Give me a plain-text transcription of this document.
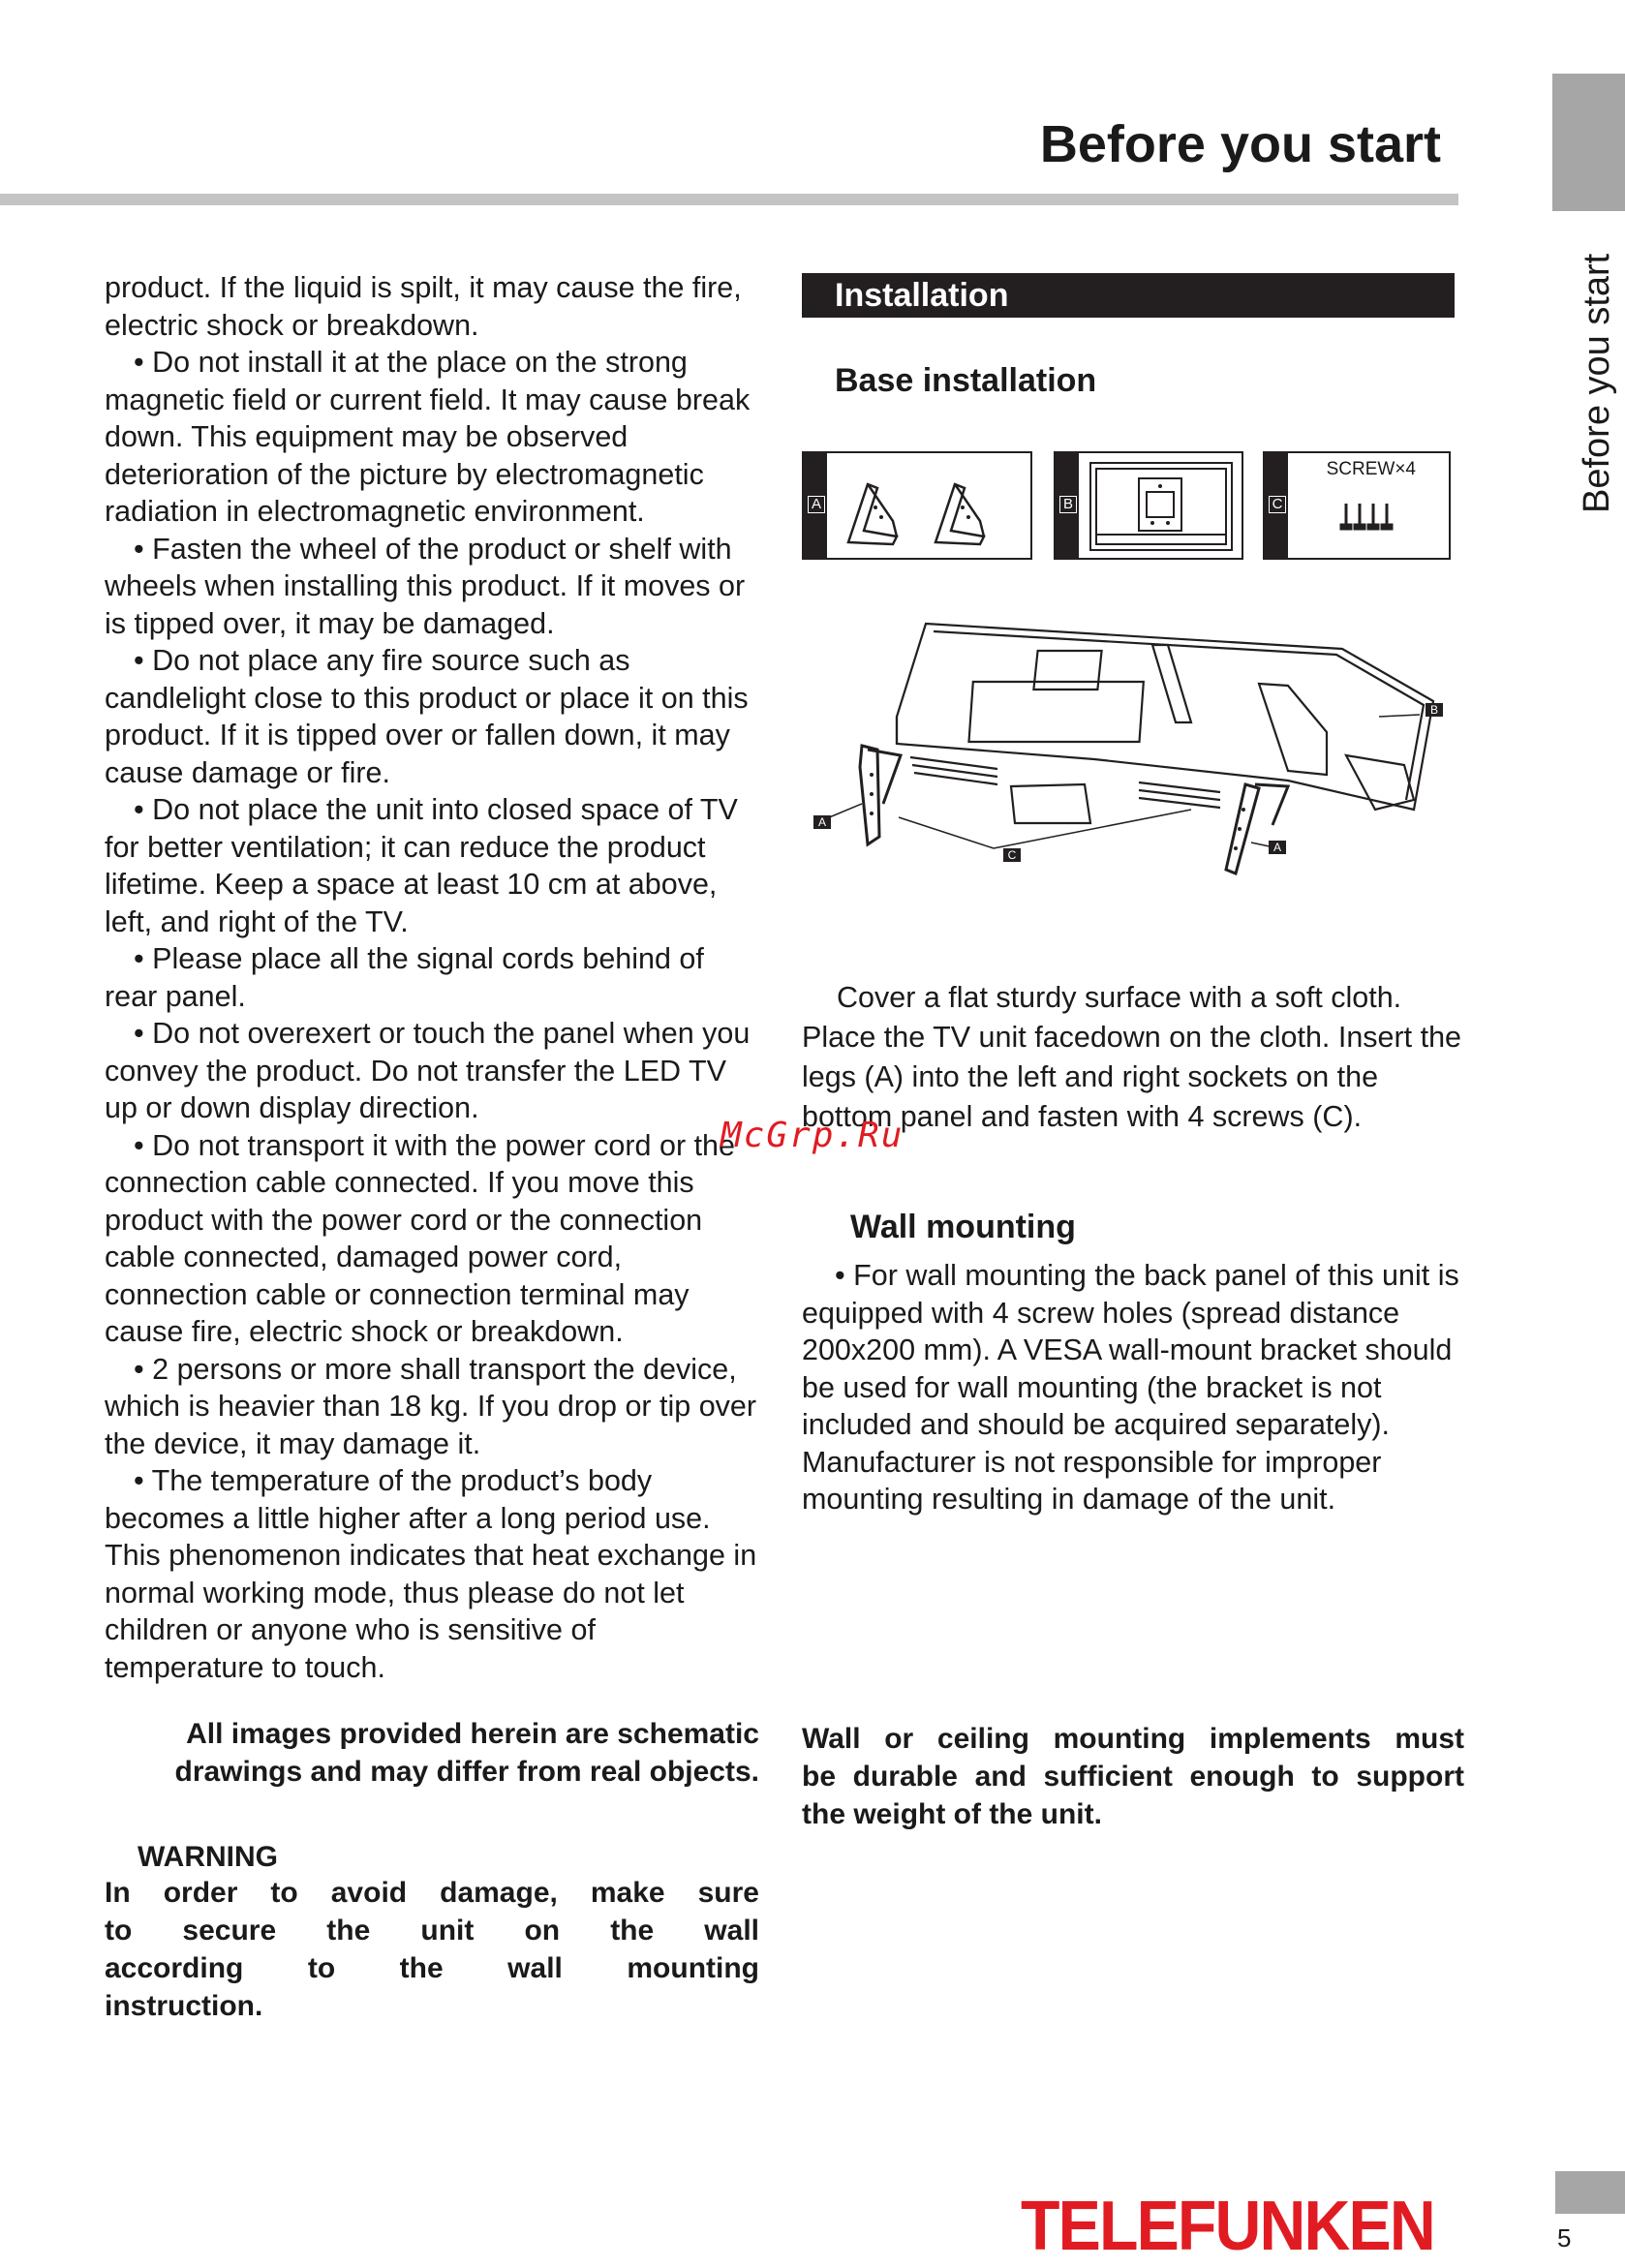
Before you start
Before you start

product. If the liquid is spilt, it may cause the fire, electric shock or breakdown.

• Do not install it at the place on the strong magnetic field or current field. It may cause break down. This equipment may be observed deterioration of the picture by electromagnetic radiation in electromagnetic environment.

• Fasten the wheel of the product or shelf with wheels when installing this product. If it moves or is tipped over, it may be damaged.

• Do not place any fire source such as candlelight close to this product or place it on this product. If it is tipped over or fallen down, it may cause damage or fire.

• Do not place the unit into closed space of TV for better ventilation; it can reduce the product lifetime. Keep a space at least 10 cm at above, left, and right of the TV.

• Please place all the signal cords behind of rear panel.

• Do not overexert or touch the panel when you convey the product. Do not transfer the LED TV up or down display direction.

• Do not transport it with the power cord or the connection cable connected. If you move this product with the power cord or the connection cable connected, damaged power cord, connection cable or connection terminal may cause fire, electric shock or breakdown.

• 2 persons or more shall transport the device, which is heavier than 18 kg. If you drop or tip over the device, it may damage it.

• The temperature of the product’s body becomes a little higher after a long period use. This phenomenon indicates that heat exchange in normal working mode, thus please do not let children or anyone who is sensitive of temperature to touch.

All images provided herein are schematic
drawings and may differ from real objects.
WARNING
In order to avoid damage, make sure
to secure the unit on the wall
according to the wall mounting
instruction.
Installation
Base installation
A	B	C
SCREW×4
A
C
A
B

Cover a flat sturdy surface with a soft cloth. Place the TV unit facedown on the cloth. Insert the legs (A) into the left and right sockets on the bottom panel and fasten with 4 screws (C).

McGrp.Ru
Wall mounting

• For wall mounting the back panel of this unit is equipped with 4 screw holes (spread distance 200x200 mm). A VESA wall-mount bracket should be used for wall mounting (the bracket is not included and should be acquired separately). Manufacturer is not responsible for improper mounting resulting in damage of the unit.

Wall or ceiling mounting implements must
be durable and sufficient enough to support
the weight of the unit.
TELEFUNKEN	5
